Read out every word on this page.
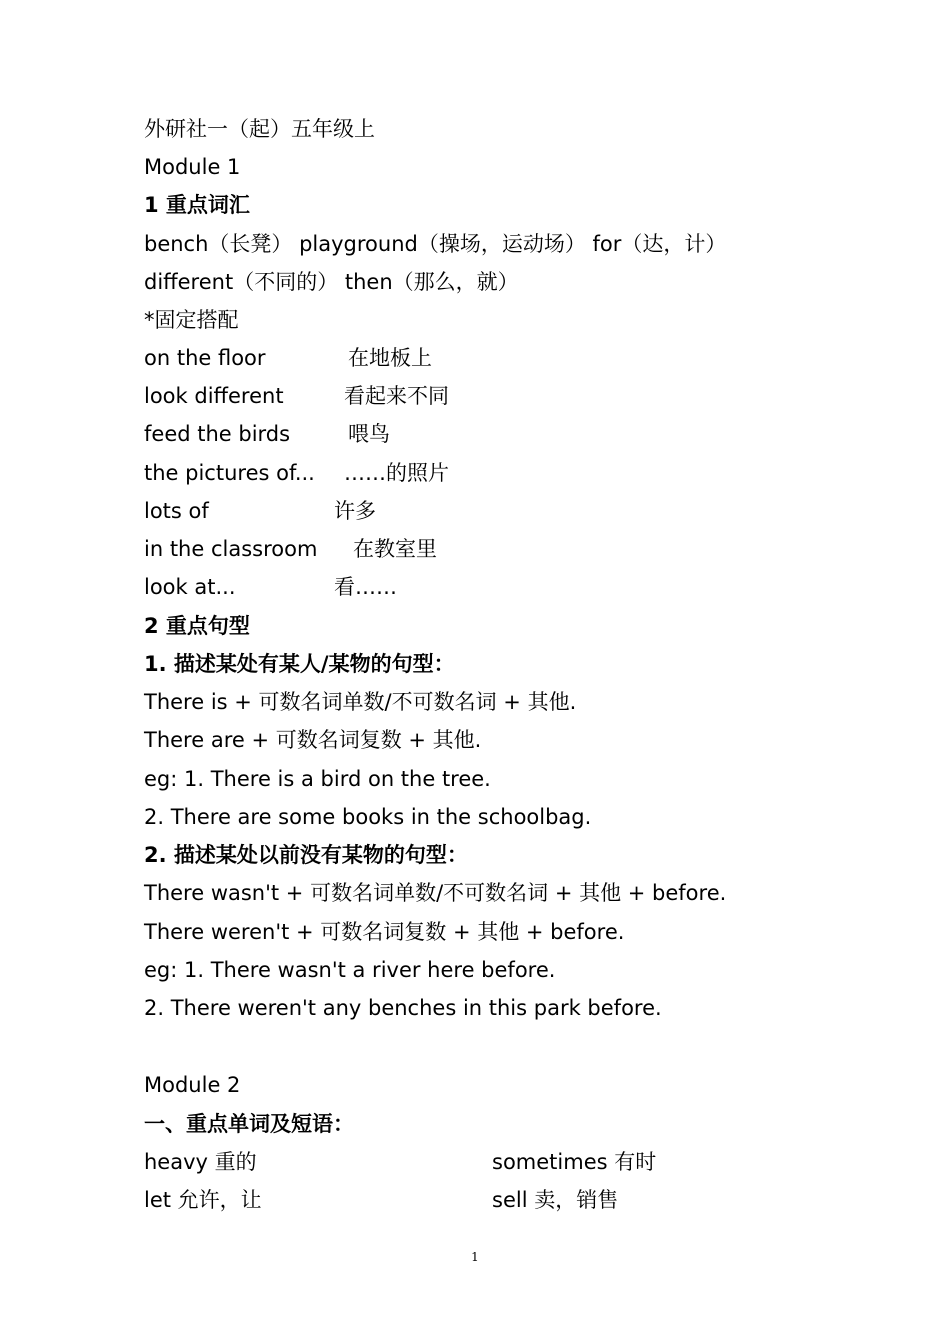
外研社一（起）五年级上
Module 1
1 重点词汇
bench（长凳） playground（操场，运动场） for（达，计）
different（不同的） then（那么，就）
*固定搭配
on the floor	在地板上
look different	看起来不同
feed the birds	喂鸟
the pictures of... ……的照片
lots of	许多
in the classroom 在教室里
look at...	看……
2 重点句型
1. 描述某处有某人/某物的句型：
There is + 可数名词单数/不可数名词 + 其他.
There are + 可数名词复数 + 其他.
eg: 1. There is a bird on the tree.
2. There are some books in the schoolbag.
2. 描述某处以前没有某物的句型：
There wasn't + 可数名词单数/不可数名词 + 其他 + before.
There weren't + 可数名词复数 + 其他 + before.
eg: 1. There wasn't a river here before.
2. There weren't any benches in this park before.
Module 2
一、重点单词及短语：
heavy 重的	sometimes 有时
let 允许，让	sell 卖，销售
1
